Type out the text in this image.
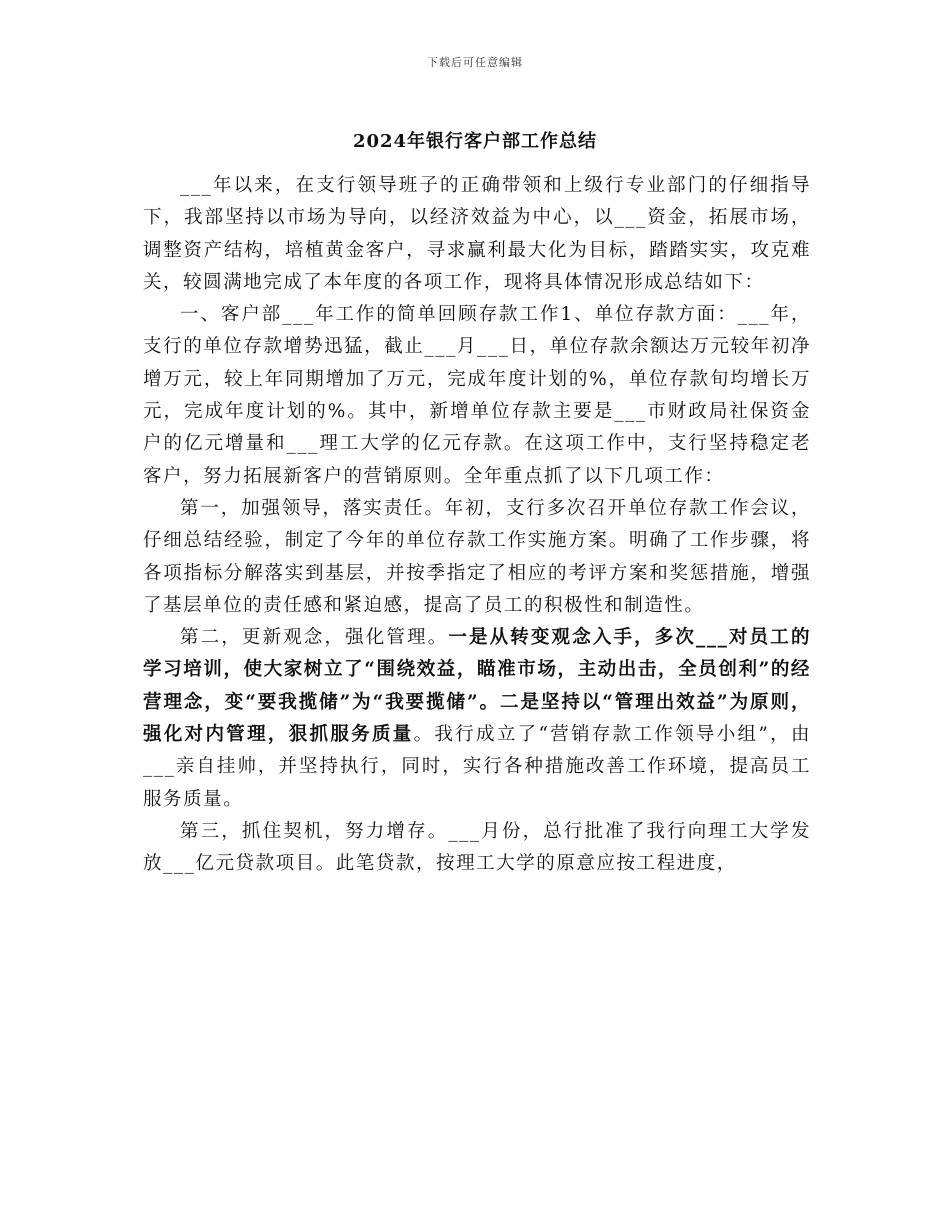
下载后可任意编辑
2024年银行客户部工作总结

___年以来，在支行领导班子的正确带领和上级行专业部门的仔细指导下，我部坚持以市场为导向，以经济效益为中心，以___资金，拓展市场，调整资产结构，培植黄金客户，寻求赢利最大化为目标，踏踏实实，攻克难关，较圆满地完成了本年度的各项工作，现将具体情况形成总结如下：

一、客户部___年工作的简单回顾存款工作1、单位存款方面：___年，支行的单位存款增势迅猛，截止___月___日，单位存款余额达万元较年初净增万元，较上年同期增加了万元，完成年度计划的%，单位存款旬均增长万元，完成年度计划的%。其中，新增单位存款主要是___市财政局社保资金户的亿元增量和___理工大学的亿元存款。在这项工作中，支行坚持稳定老客户，努力拓展新客户的营销原则。全年重点抓了以下几项工作：

第一，加强领导，落实责任。年初，支行多次召开单位存款工作会议，仔细总结经验，制定了今年的单位存款工作实施方案。明确了工作步骤，将各项指标分解落实到基层，并按季指定了相应的考评方案和奖惩措施，增强了基层单位的责任感和紧迫感，提高了员工的积极性和制造性。

第二，更新观念，强化管理。一是从转变观念入手，多次___对员工的学习培训，使大家树立了“围绕效益，瞄准市场，主动出击，全员创利”的经营理念，变“要我揽储”为“我要揽储”。二是坚持以“管理出效益”为原则，强化对内管理，狠抓服务质量。我行成立了“营销存款工作领导小组”，由___亲自挂帅，并坚持执行，同时，实行各种措施改善工作环境，提高员工服务质量。

第三，抓住契机，努力增存。___月份，总行批准了我行向理工大学发放___亿元贷款项目。此笔贷款，按理工大学的原意应按工程进度，
